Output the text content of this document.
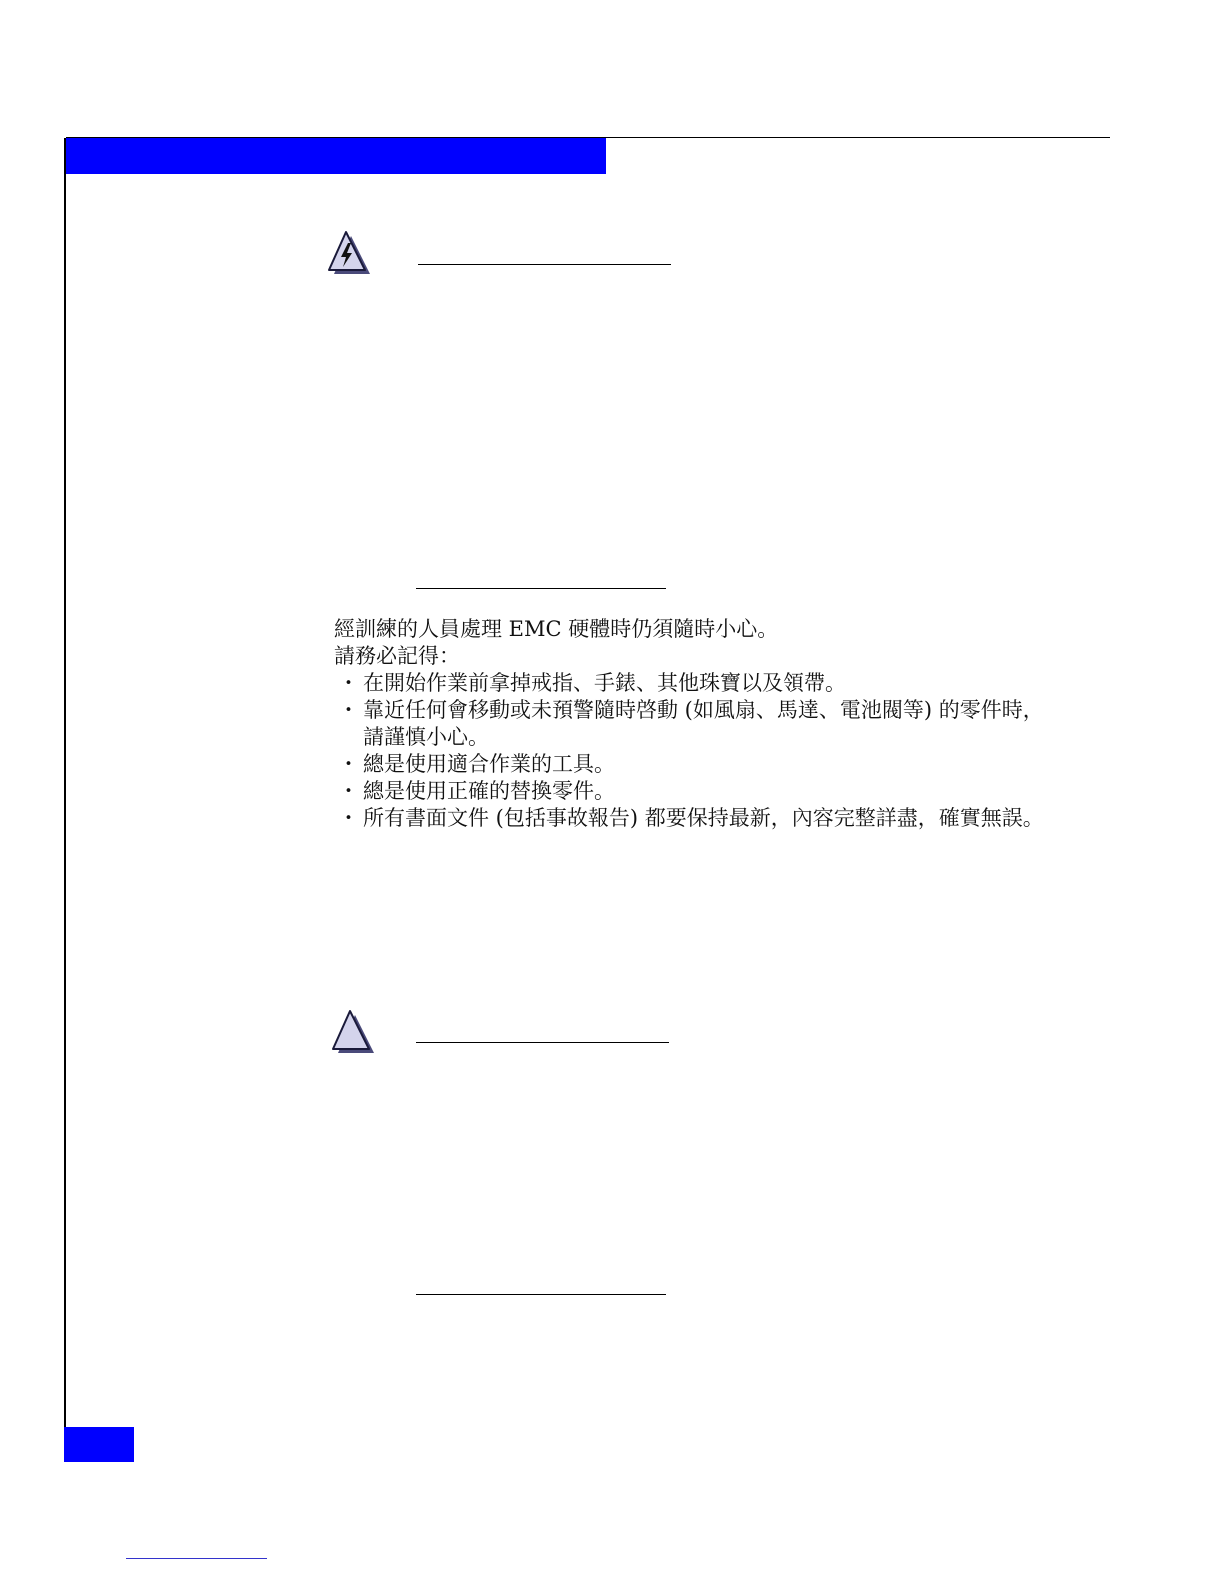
經訓練的人員處理 EMC 硬體時仍須隨時小心。

請務必記得：

・ 在開始作業前拿掉戒指、手錶、其他珠寶以及領帶。
・ 靠近任何會移動或未預警隨時啓動 (如風扇、馬達、電池閥等) 的零件時，
請謹慎小心。
・ 總是使用適合作業的工具。
・ 總是使用正確的替換零件。
・ 所有書面文件 (包括事故報告) 都要保持最新，內容完整詳盡，確實無誤。
